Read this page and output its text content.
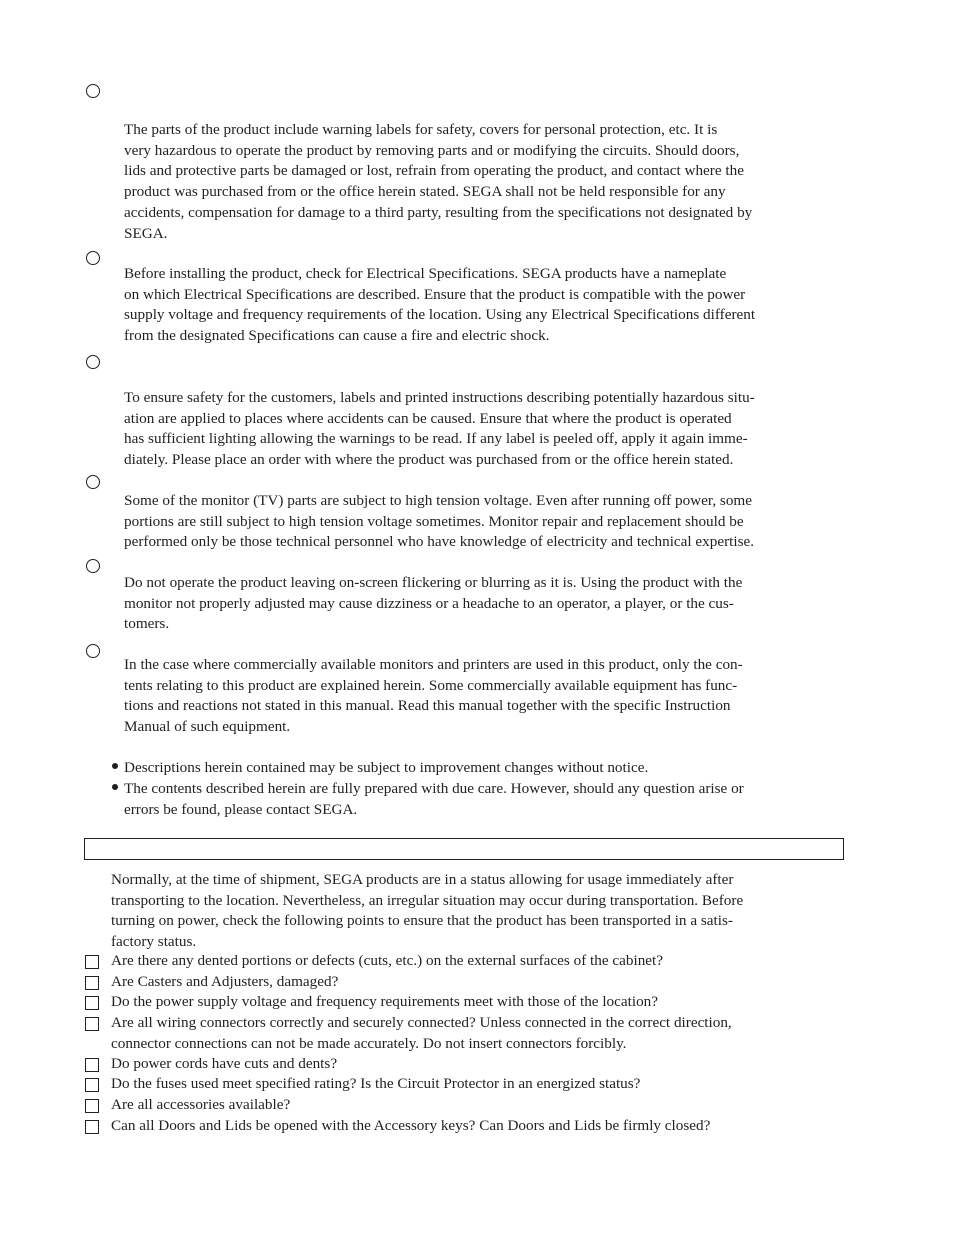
The parts of the product include warning labels for safety, covers for personal protection, etc. It is
very hazardous to operate the product by removing parts and or modifying the circuits. Should doors,
lids and protective parts be damaged or lost, refrain from operating the product, and contact where the
product was purchased from or the office herein stated. SEGA shall not be held responsible for any
accidents, compensation for damage to a third party, resulting from the specifications not designated by
SEGA.

Before installing the product, check for Electrical Specifications. SEGA products have a nameplate
on which Electrical Specifications are described. Ensure that the product is compatible with the power
supply voltage and frequency requirements of the location. Using any Electrical Specifications different
from the designated Specifications can cause a fire and electric shock.

To ensure safety for the customers, labels and printed instructions describing potentially hazardous situ-
ation are applied to places where accidents can be caused. Ensure that where the product is operated
has sufficient lighting allowing the warnings to be read. If any label is peeled off, apply it again imme-
diately. Please place an order with where the product was purchased from or the office herein stated.

Some of the monitor (TV) parts are subject to high tension voltage. Even after running off power, some
portions are still subject to high tension voltage sometimes. Monitor repair and replacement should be
performed only be those technical personnel who have knowledge of electricity and technical expertise.

Do not operate the product leaving on-screen flickering or blurring as it is. Using the product with the
monitor not properly adjusted may cause dizziness or a headache to an operator, a player, or the cus-
tomers.

In the case where commercially available monitors and printers are used in this product, only the con-
tents relating to this product are explained herein. Some commercially available equipment has func-
tions and reactions not stated in this manual. Read this manual together with the specific Instruction
Manual of such equipment.

Descriptions herein contained may be subject to improvement changes without notice.
The contents described herein are fully prepared with due care. However, should any question arise or
errors be found, please contact SEGA.
Normally, at the time of shipment, SEGA products are in a status allowing for usage immediately after
transporting to the location. Nevertheless, an irregular situation may occur during transportation. Before
turning on power, check the following points to ensure that the product has been transported in a satis-
factory status.
Are there any dented portions or defects (cuts, etc.) on the external surfaces of the cabinet?
Are Casters and Adjusters, damaged?
Do the power supply voltage and frequency requirements meet with those of the location?
Are all wiring connectors correctly and securely connected? Unless connected in the correct direction,
connector connections can not be made accurately. Do not insert connectors forcibly.
Do power cords have cuts and dents?
Do the fuses used meet specified rating? Is the Circuit Protector in an energized status?
Are all accessories available?
Can all Doors and Lids be opened with the Accessory keys? Can Doors and Lids be firmly closed?
